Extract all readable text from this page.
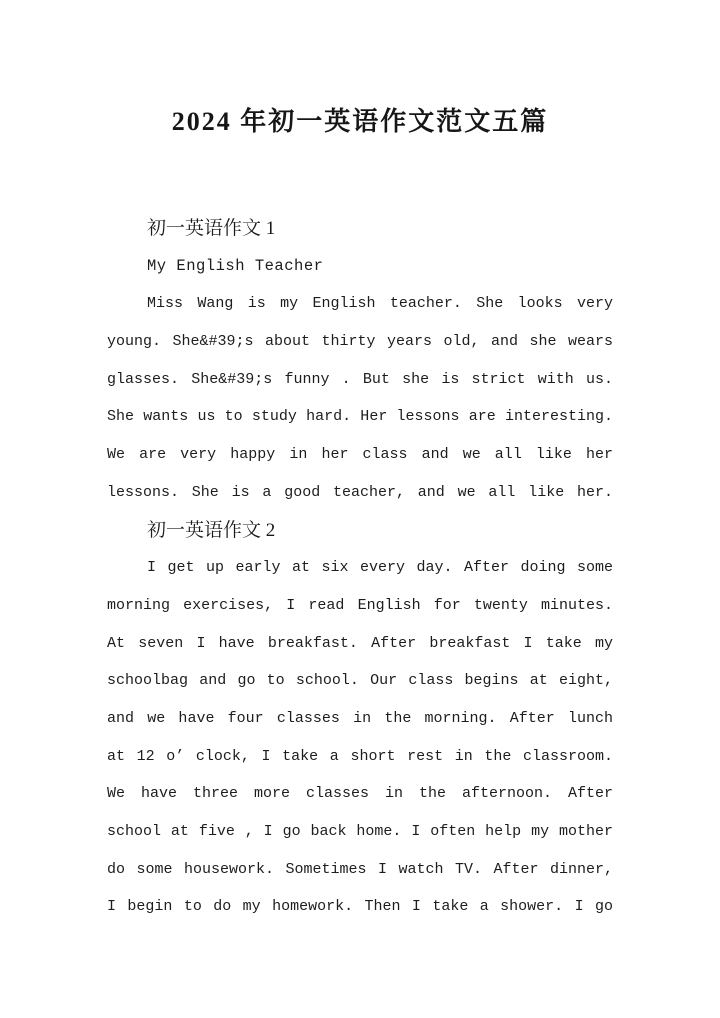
2024 年初一英语作文范文五篇
初一英语作文 1
My English Teacher
Miss Wang is my English teacher. She looks very
young. She&#39;s about thirty years old, and she wears
glasses. She&#39;s funny . But she is strict with us.
She wants us to study hard. Her lessons are interesting.
We are very happy in her class and we all like her
lessons. She is a good teacher, and we all like her.
初一英语作文 2
I get up early at six every day. After doing some
morning exercises, I read English for twenty minutes.
At seven I have breakfast. After breakfast I take my
schoolbag and go to school. Our class begins at eight,
and we have four classes in the morning. After lunch
at 12 o’ clock, I take a short rest in the classroom.
We have three more classes in the afternoon. After
school at five , I go back home. I often help my mother
do some housework. Sometimes I watch TV. After dinner,
I begin to do my homework. Then I take a shower. I go
